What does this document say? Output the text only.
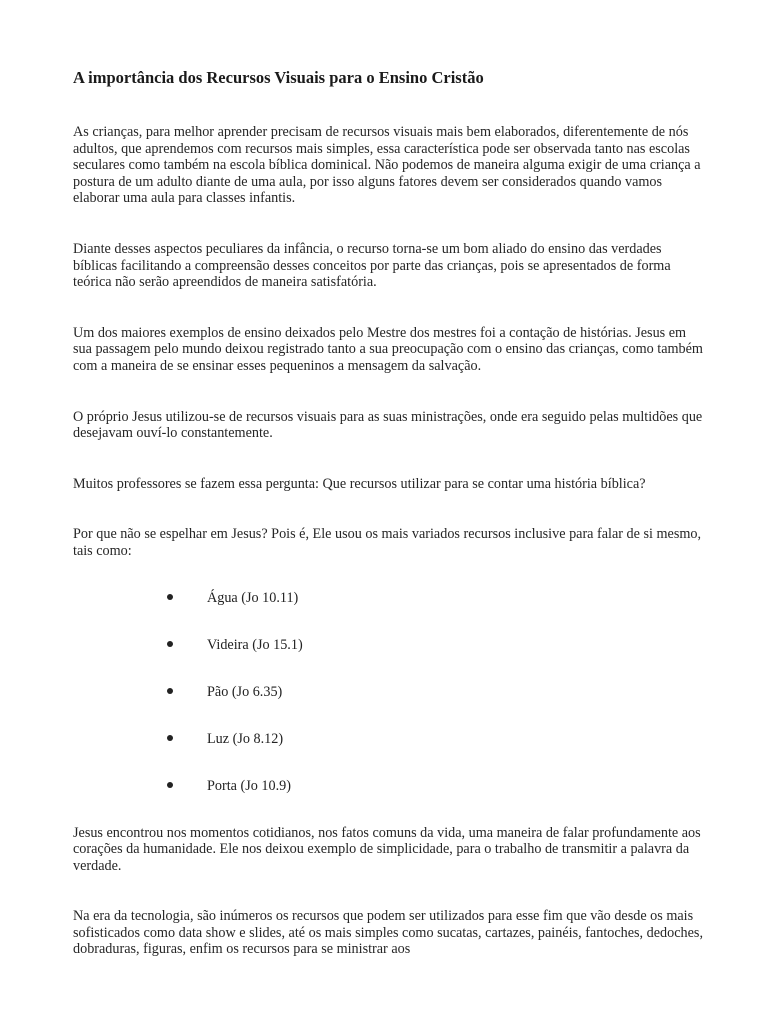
A importância dos Recursos Visuais para o Ensino Cristão

As crianças, para melhor aprender precisam de recursos visuais mais bem elaborados, diferentemente de nós adultos, que aprendemos com recursos mais simples, essa característica pode ser observada tanto nas escolas seculares como também na escola bíblica dominical. Não podemos de maneira alguma exigir de uma criança a postura de um adulto diante de uma aula, por isso alguns fatores devem ser considerados quando vamos elaborar uma aula para classes infantis.

Diante desses aspectos peculiares da infância, o recurso torna-se um bom aliado do ensino das verdades bíblicas facilitando a compreensão desses conceitos por parte das crianças, pois se apresentados de forma teórica não serão apreendidos de maneira satisfatória.

Um dos maiores exemplos de ensino deixados pelo Mestre dos mestres foi a contação de histórias. Jesus em sua passagem pelo mundo deixou registrado tanto a sua preocupação com o ensino das crianças, como também com a maneira de se ensinar esses pequeninos a mensagem da salvação.

O próprio Jesus utilizou-se de recursos visuais para as suas ministrações, onde era seguido pelas multidões que desejavam ouví-lo constantemente.

Muitos professores se fazem essa pergunta: Que recursos utilizar para se contar uma história bíblica?

Por que não se espelhar em Jesus? Pois é, Ele usou os mais variados recursos inclusive para falar de si mesmo, tais como:

Água (Jo 10.11)
Videira (Jo 15.1)
Pão (Jo 6.35)
Luz (Jo 8.12)
Porta (Jo 10.9)

Jesus encontrou nos momentos cotidianos, nos fatos comuns da vida, uma maneira de falar profundamente aos corações da humanidade. Ele nos deixou exemplo de simplicidade, para o trabalho de transmitir a palavra da verdade.

Na era da tecnologia, são inúmeros os recursos que podem ser utilizados para esse fim que vão desde os mais sofisticados como data show e slides, até os mais simples como sucatas, cartazes, painéis, fantoches, dedoches, dobraduras, figuras, enfim os recursos para se ministrar aos
